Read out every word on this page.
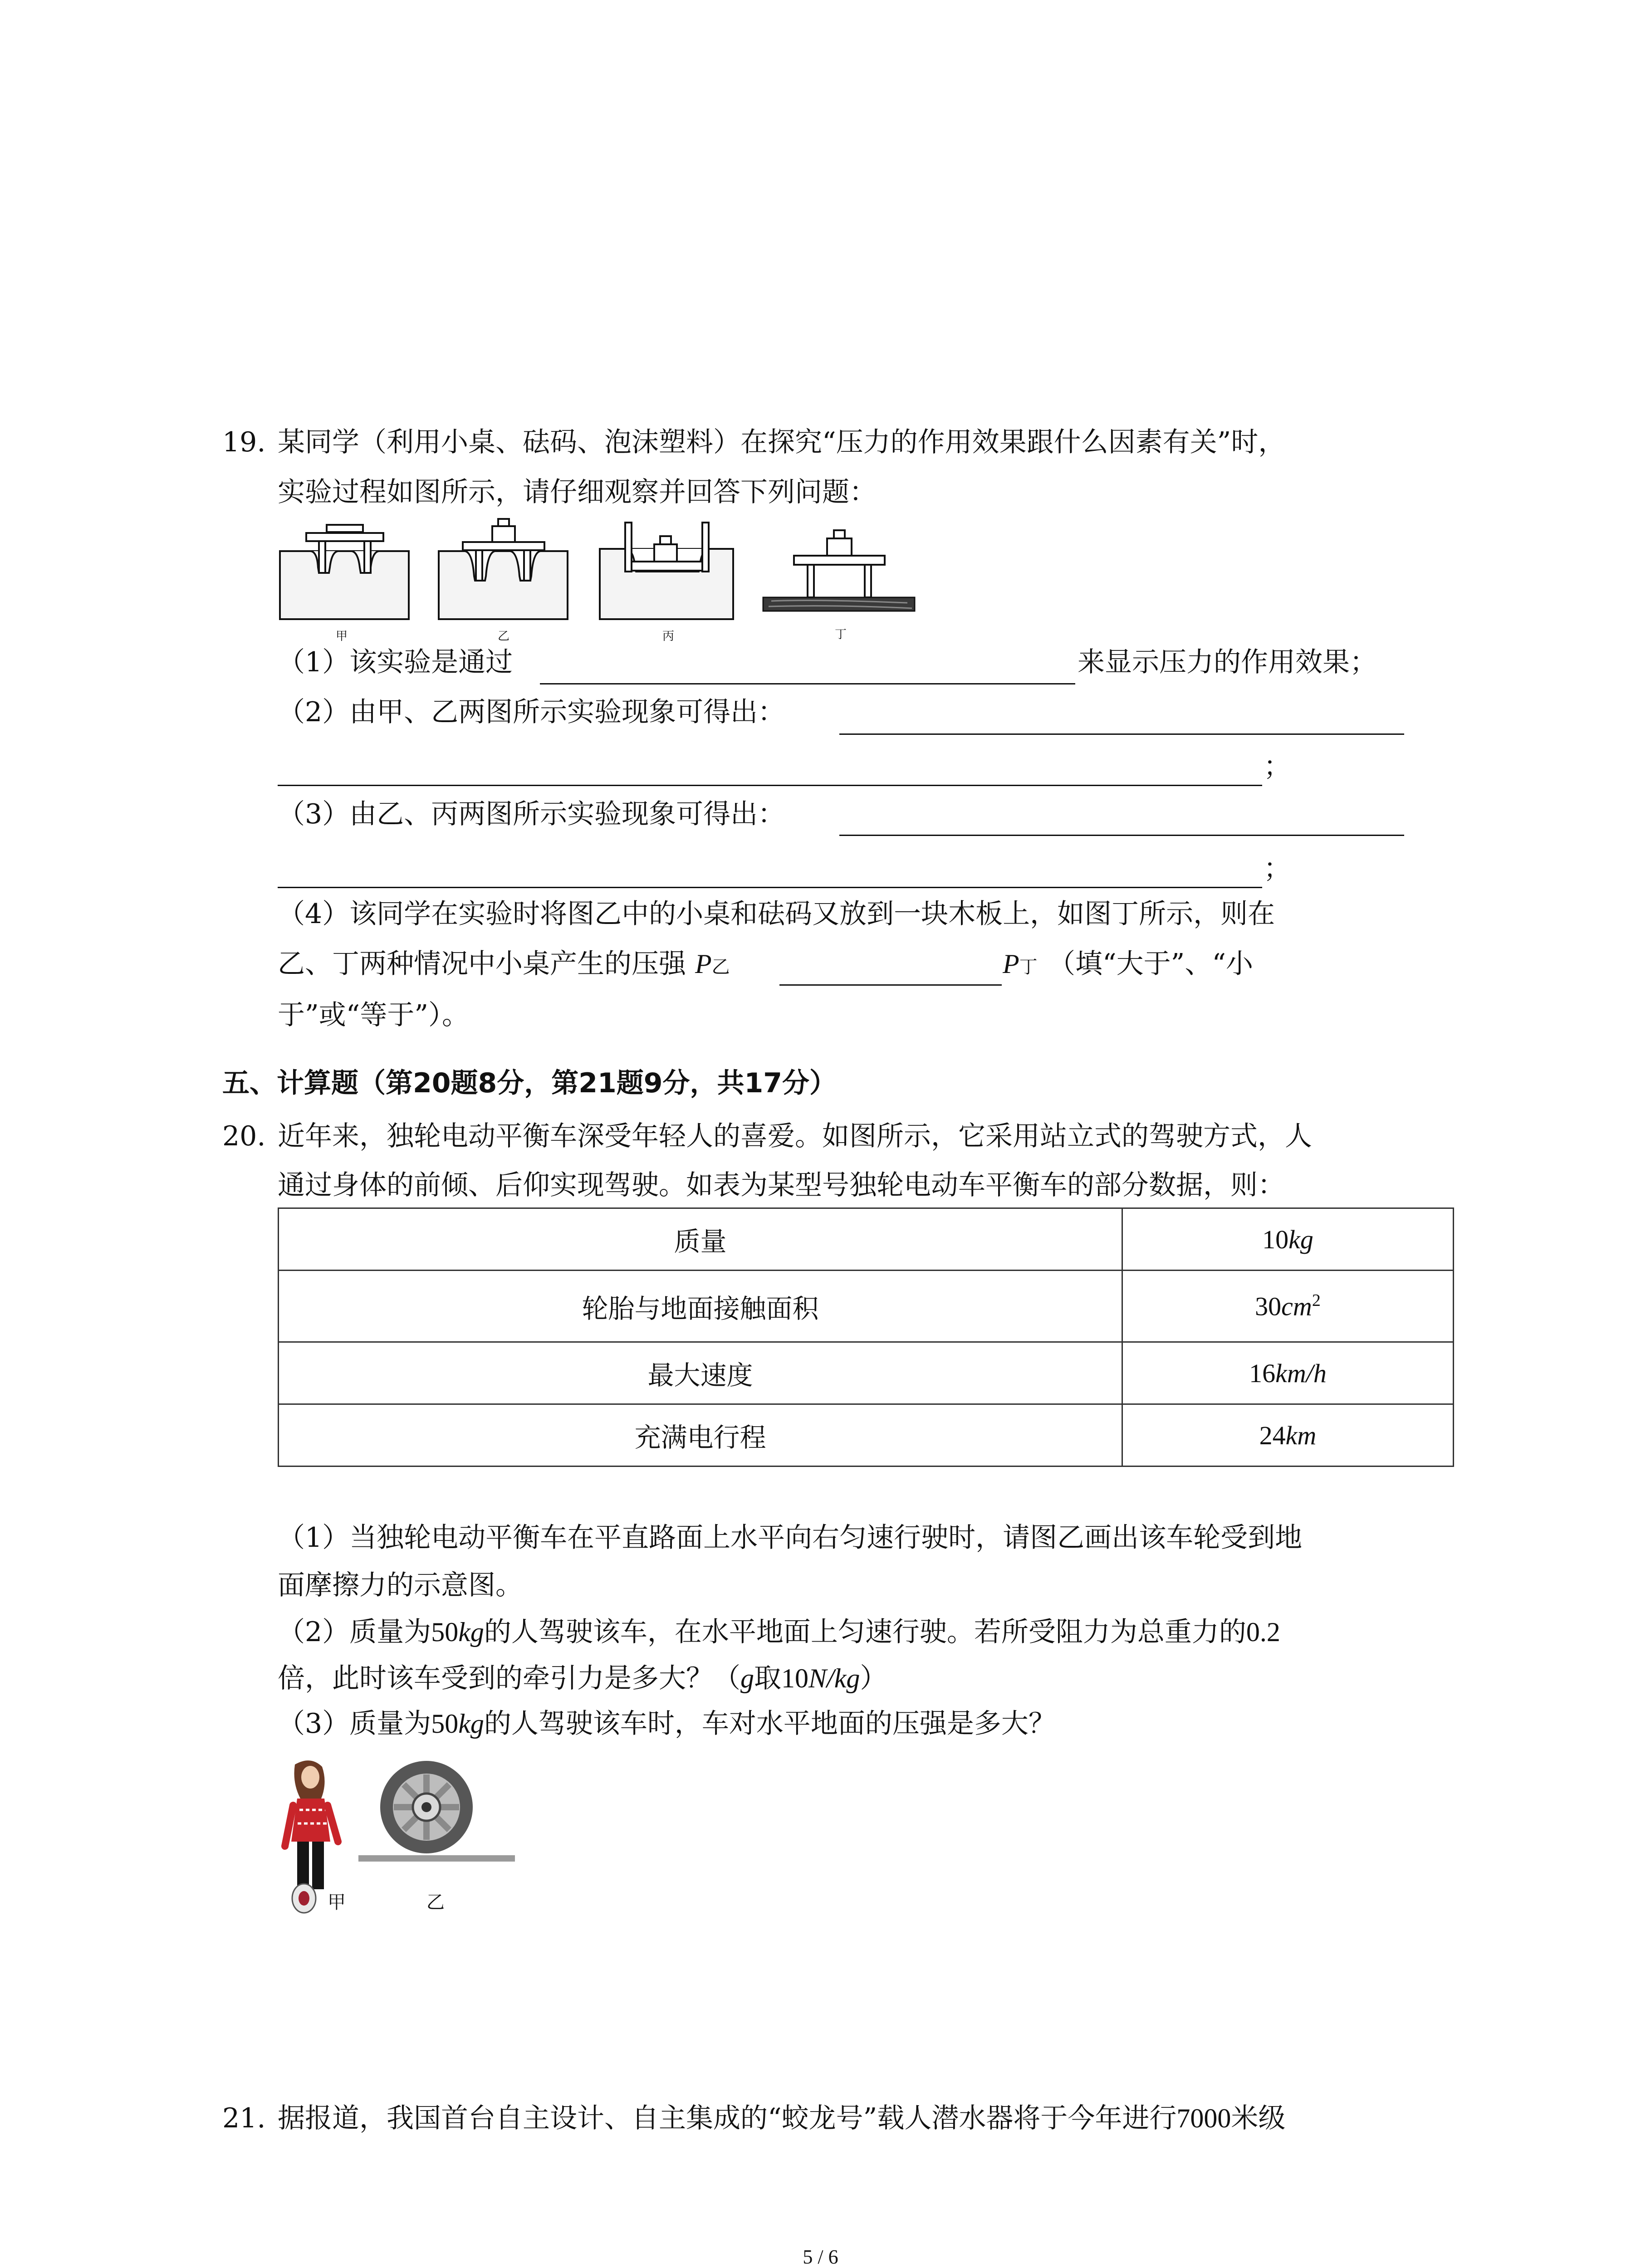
19. 某同学（利用小桌、砝码、泡沫塑料）在探究“压力的作用效果跟什么因素有关”时，
实验过程如图所示，请仔细观察并回答下列问题：
甲	乙	丙	丁
（1）该实验是通过	来显示压力的作用效果；
（2）由甲、乙两图所示实验现象可得出：
；
（3）由乙、丙两图所示实验现象可得出：
；
（4）该同学在实验时将图乙中的小桌和砝码又放到一块木板上，如图丁所示，则在
乙、丁两种情况中小桌产生的压强 P乙	P丁 （填“大于”、“小
于”或“等于”）。
五、计算题（第20题8分，第21题9分，共17分）
20. 近年来，独轮电动平衡车深受年轻人的喜爱。如图所示，它采用站立式的驾驶方式，人
通过身体的前倾、后仰实现驾驶。如表为某型号独轮电动车平衡车的部分数据，则：
质量	10kg
轮胎与地面接触面积	$30cm^2$
最大速度	16km/h
充满电行程	24km
（1）当独轮电动平衡车在平直路面上水平向右匀速行驶时，请图乙画出该车轮受到地
面摩擦力的示意图。
（2）质量为50kg的人驾驶该车，在水平地面上匀速行驶。若所受阻力为总重力的0.2
倍，此时该车受到的牵引力是多大？（g取10N/kg）
（3）质量为50kg的人驾驶该车时，车对水平地面的压强是多大？
甲	乙
21. 据报道，我国首台自主设计、自主集成的“蛟龙号”载人潜水器将于今年进行7000米级
5 / 6
